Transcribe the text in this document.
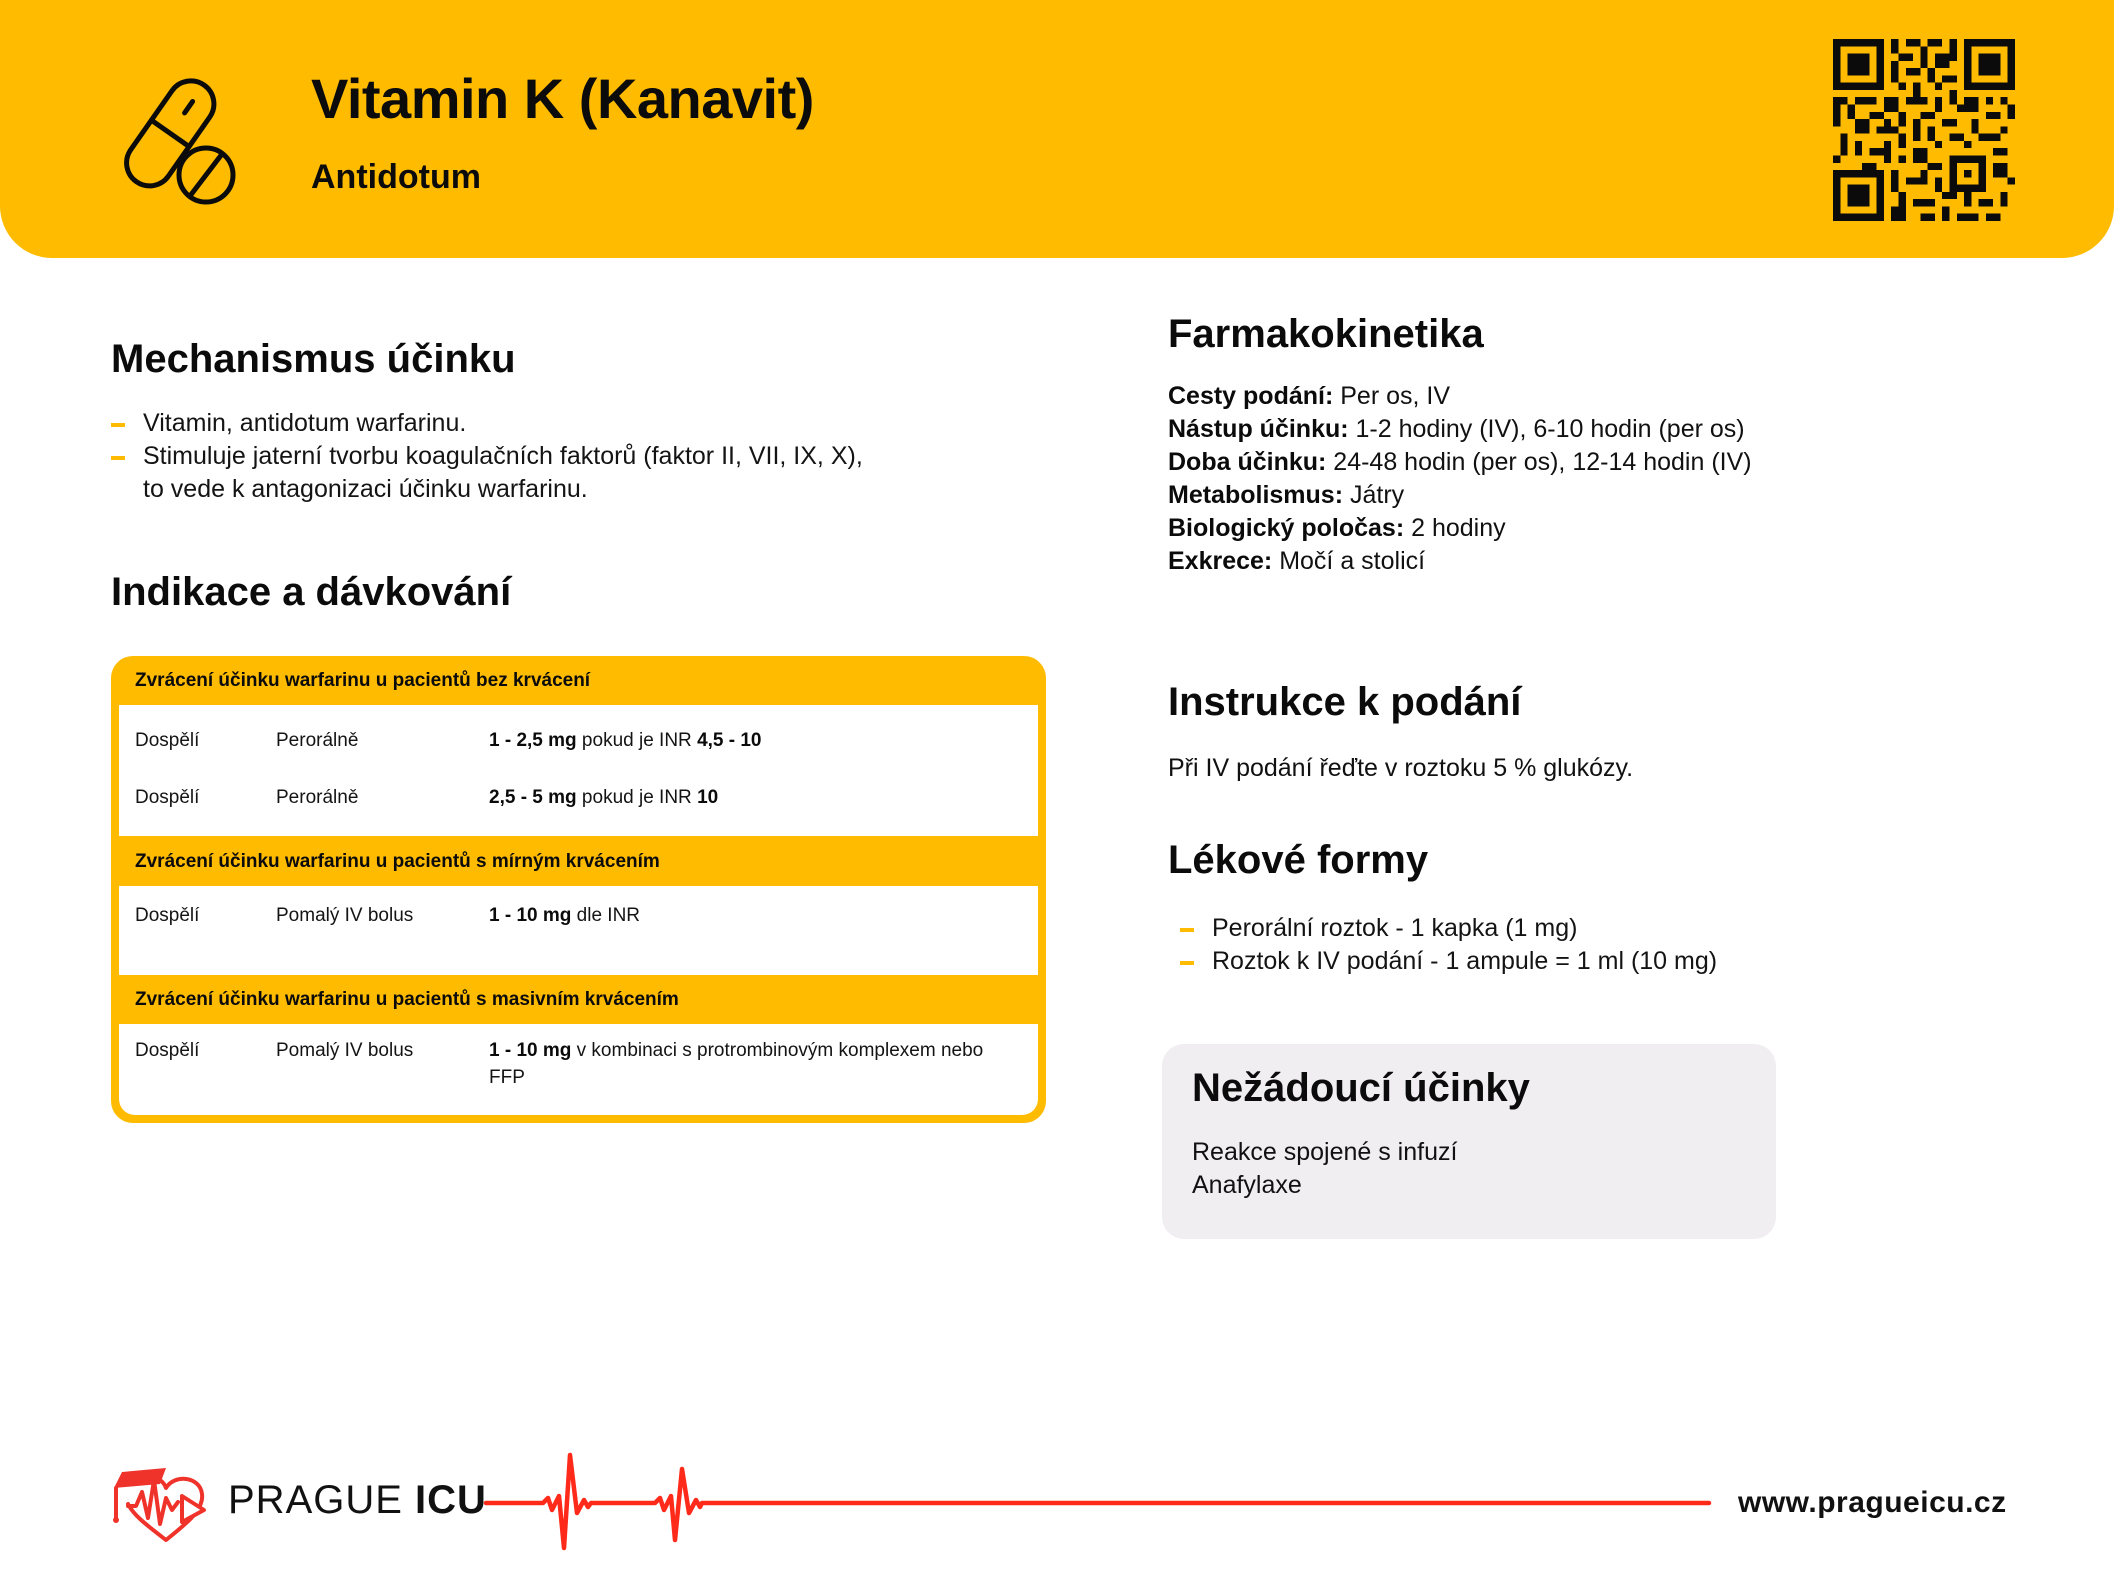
Vitamin K (Kanavit)
Antidotum
Mechanismus účinku
Vitamin, antidotum warfarinu.
Stimuluje jaterní tvorbu koagulačních faktorů (faktor II, VII, IX, X), to vede k antagonizaci účinku warfarinu.
Indikace a dávkování
Zvrácení účinku warfarinu u pacientů bez krvácení
Dospělí	Perorálně	1 - 2,5 mg pokud je INR 4,5 - 10
Dospělí	Perorálně	2,5 - 5 mg pokud je INR 10
Zvrácení účinku warfarinu u pacientů s mírným krvácením
Dospělí	Pomalý IV bolus	1 - 10 mg dle INR
Zvrácení účinku warfarinu u pacientů s masivním krvácením
Dospělí	Pomalý IV bolus	1 - 10 mg v kombinaci s protrombinovým komplexem nebo FFP
Farmakokinetika
Cesty podání: Per os, IV
Nástup účinku: 1-2 hodiny (IV), 6-10 hodin (per os)
Doba účinku: 24-48 hodin (per os), 12-14 hodin (IV)
Metabolismus: Játry
Biologický poločas: 2 hodiny
Exkrece: Močí a stolicí
Instrukce k podání
Při IV podání řeďte v roztoku 5 % glukózy.
Lékové formy
Perorální roztok - 1 kapka (1 mg)
Roztok k IV podání - 1 ampule = 1 ml (10 mg)
Nežádoucí účinky
Reakce spojené s infuzí
Anafylaxe
PRAGUE ICU	www.pragueicu.cz
